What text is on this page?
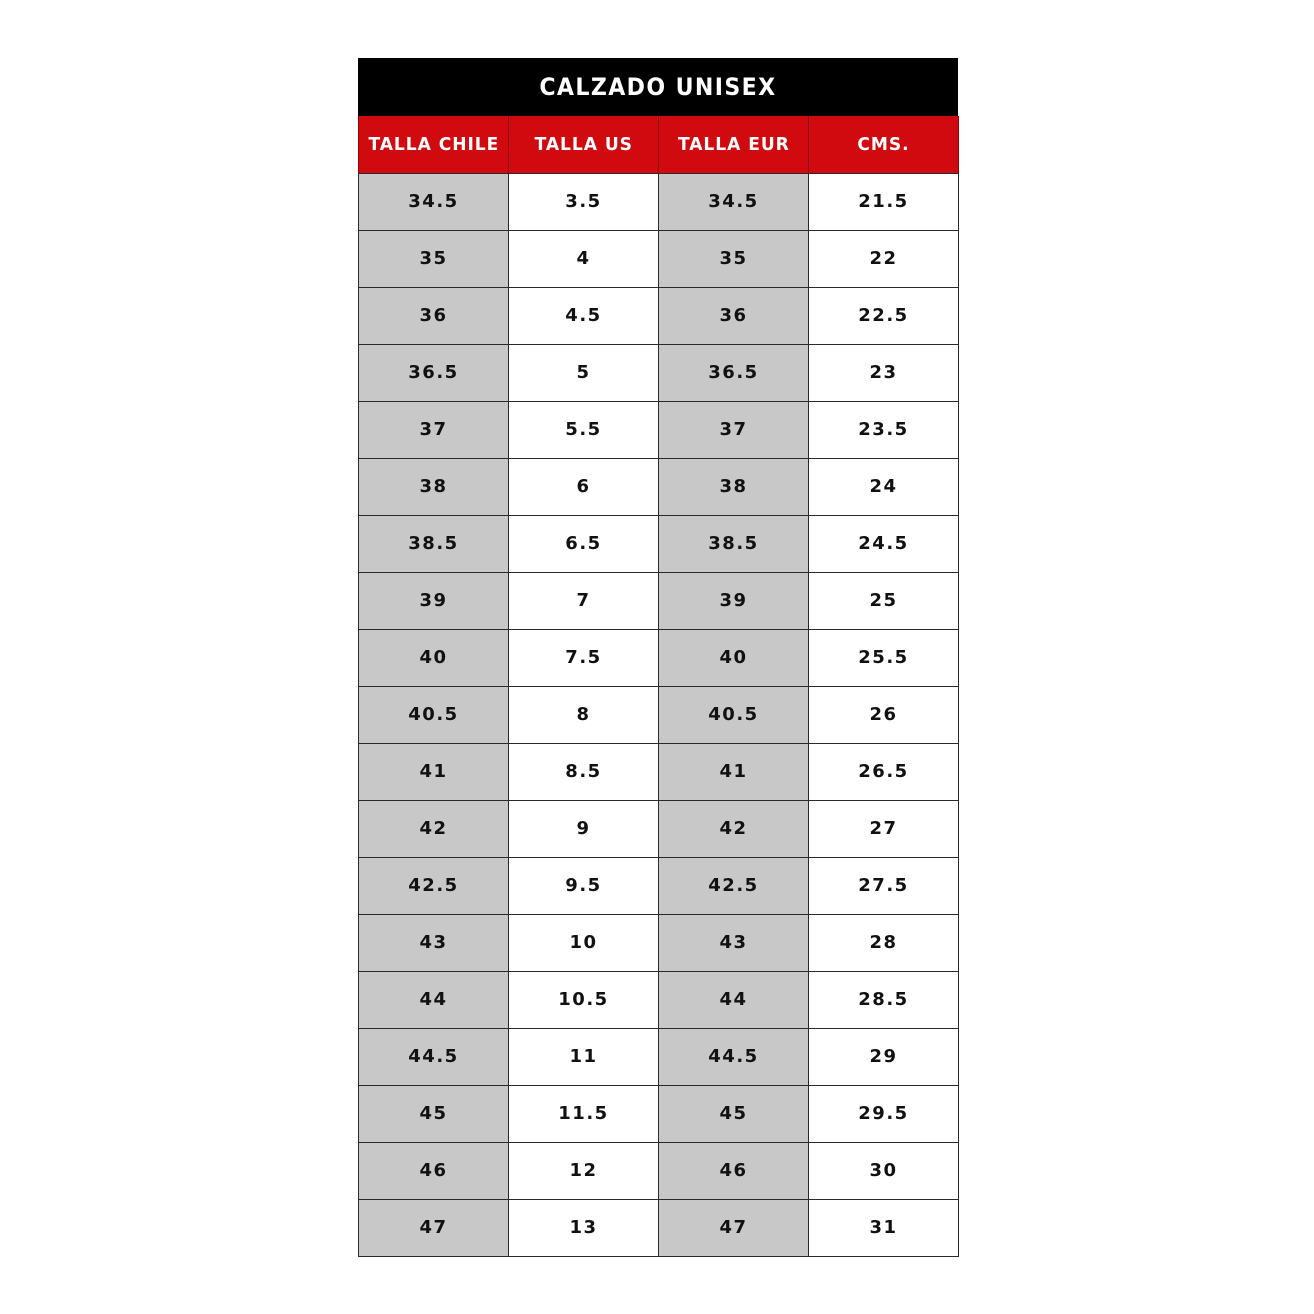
CALZADO UNISEX
TALLA CHILE	TALLA US	TALLA EUR	CMS.
34.5	3.5	34.5	21.5
35	4	35	22
36	4.5	36	22.5
36.5	5	36.5	23
37	5.5	37	23.5
38	6	38	24
38.5	6.5	38.5	24.5
39	7	39	25
40	7.5	40	25.5
40.5	8	40.5	26
41	8.5	41	26.5
42	9	42	27
42.5	9.5	42.5	27.5
43	10	43	28
44	10.5	44	28.5
44.5	11	44.5	29
45	11.5	45	29.5
46	12	46	30
47	13	47	31
